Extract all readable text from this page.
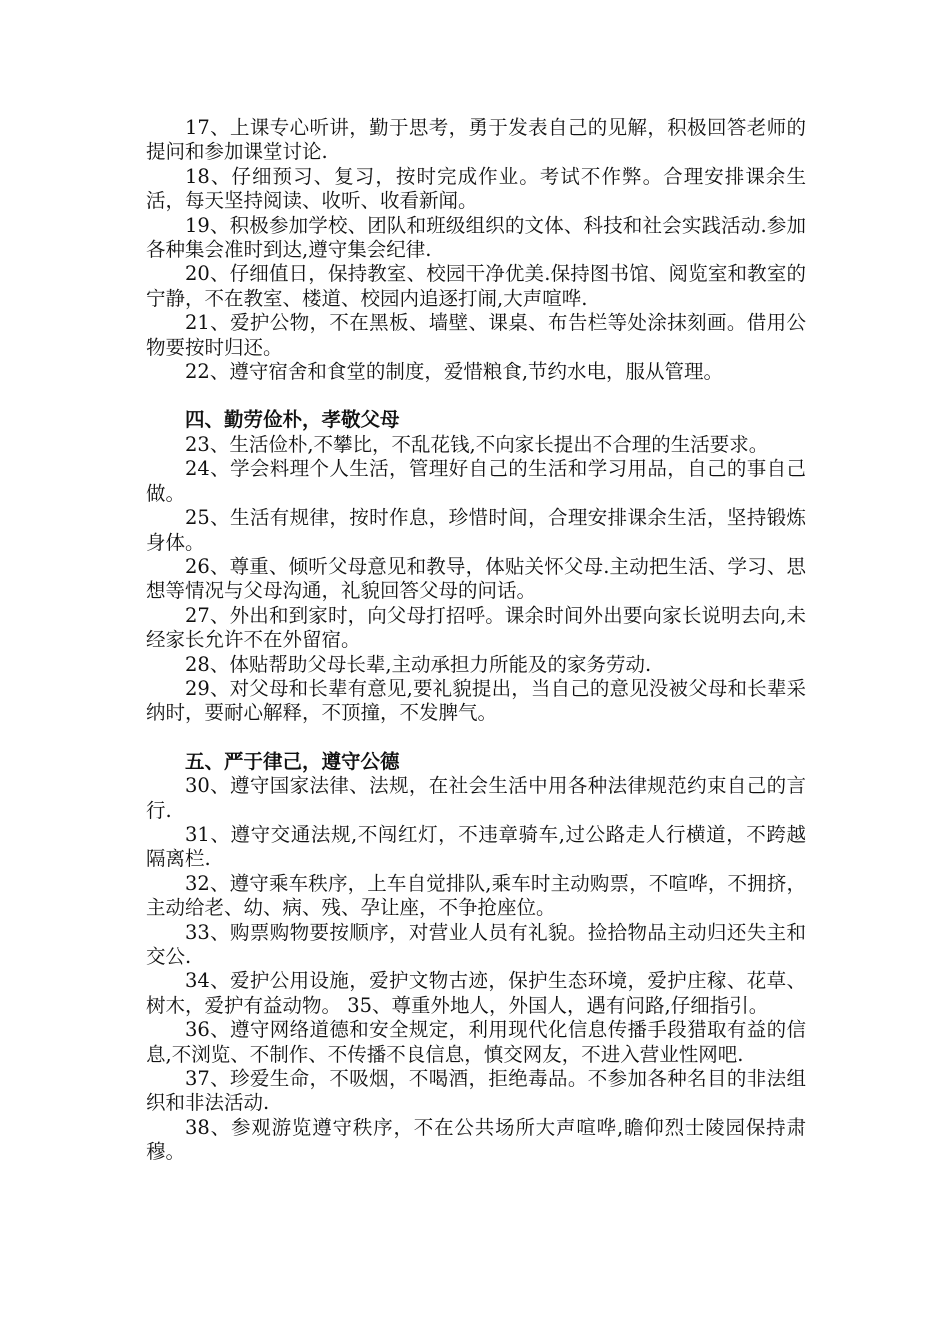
17、上课专心听讲，勤于思考，勇于发表自己的见解，积极回答老师的提问和参加课堂讨论.

18、仔细预习、复习，按时完成作业。考试不作弊。合理安排课余生活，每天坚持阅读、收听、收看新闻。

19、积极参加学校、团队和班级组织的文体、科技和社会实践活动.参加各种集会准时到达,遵守集会纪律.

20、仔细值日，保持教室、校园干净优美.保持图书馆、阅览室和教室的宁静，不在教室、楼道、校园内追逐打闹,大声喧哗.

21、爱护公物，不在黑板、墙壁、课桌、布告栏等处涂抹刻画。借用公物要按时归还。

22、遵守宿舍和食堂的制度，爱惜粮食,节约水电，服从管理。

四、勤劳俭朴，孝敬父母

23、生活俭朴,不攀比，不乱花钱,不向家长提出不合理的生活要求。

24、学会料理个人生活，管理好自己的生活和学习用品，自己的事自己做。

25、生活有规律，按时作息，珍惜时间，合理安排课余生活，坚持锻炼身体。

26、尊重、倾听父母意见和教导，体贴关怀父母.主动把生活、学习、思想等情况与父母沟通，礼貌回答父母的问话。

27、外出和到家时，向父母打招呼。课余时间外出要向家长说明去向,未经家长允许不在外留宿。

28、体贴帮助父母长辈,主动承担力所能及的家务劳动.

29、对父母和长辈有意见,要礼貌提出，当自己的意见没被父母和长辈采纳时，要耐心解释，不顶撞，不发脾气。

五、严于律己，遵守公德

30、遵守国家法律、法规，在社会生活中用各种法律规范约束自己的言行.

31、遵守交通法规,不闯红灯，不违章骑车,过公路走人行横道，不跨越隔离栏.

32、遵守乘车秩序，上车自觉排队,乘车时主动购票，不喧哗，不拥挤，主动给老、幼、病、残、孕让座，不争抢座位。

33、购票购物要按顺序，对营业人员有礼貌。捡拾物品主动归还失主和交公.

34、爱护公用设施，爱护文物古迹，保护生态环境，爱护庄稼、花草、树木，爱护有益动物。 35、尊重外地人，外国人，遇有问路,仔细指引。

36、遵守网络道德和安全规定，利用现代化信息传播手段猎取有益的信息,不浏览、不制作、不传播不良信息，慎交网友，不进入营业性网吧.

37、珍爱生命，不吸烟，不喝酒，拒绝毒品。不参加各种名目的非法组织和非法活动.

38、参观游览遵守秩序，不在公共场所大声喧哗,瞻仰烈士陵园保持肃穆。
